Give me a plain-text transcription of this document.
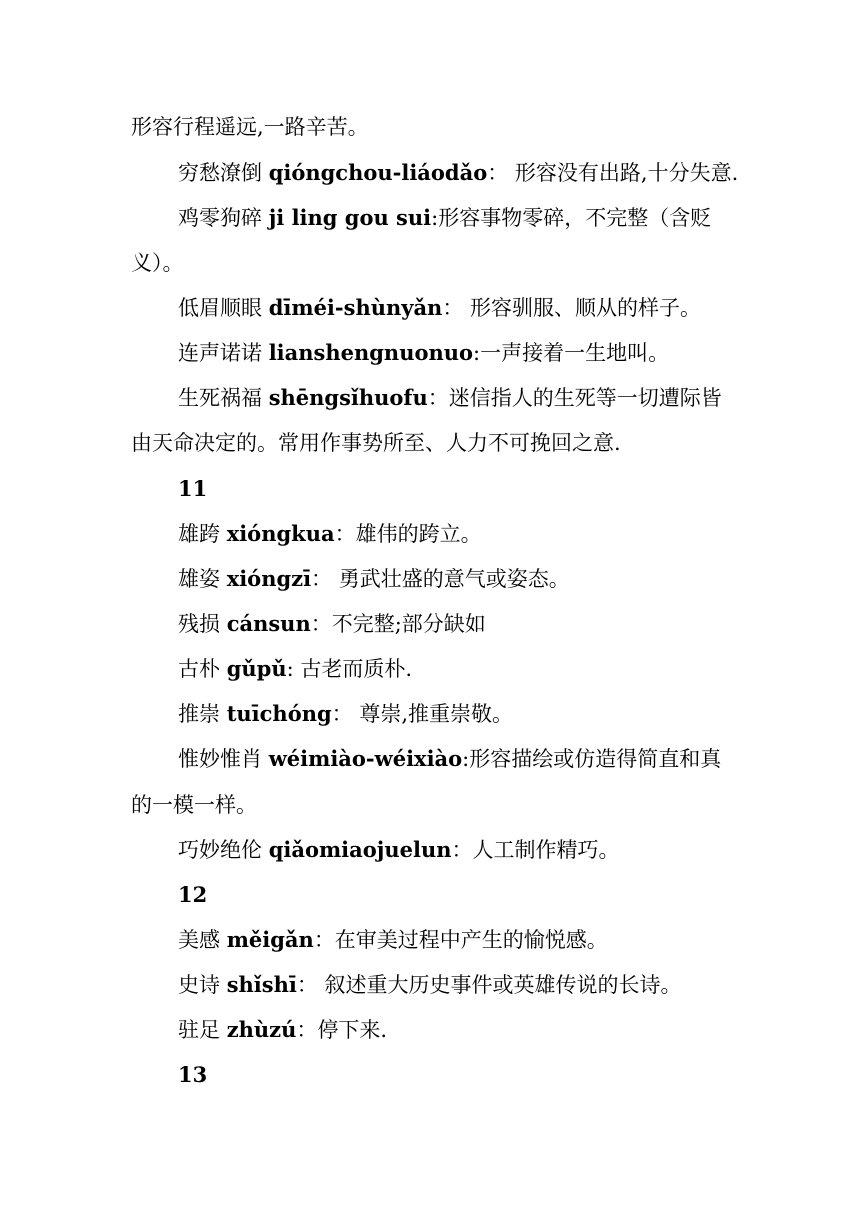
形容行程遥远,一路辛苦。
穷愁潦倒 qióngchou-liáodǎo： 形容没有出路,十分失意.
鸡零狗碎 ji ling gou sui:形容事物零碎，不完整（含贬
义）。
低眉顺眼 dīméi-shùnyǎn： 形容驯服、顺从的样子。
连声诺诺 lianshengnuonuo:一声接着一生地叫。
生死祸福 shēngsǐhuofu：迷信指人的生死等一切遭际皆
由天命决定的。常用作事势所至、人力不可挽回之意.
11
雄跨 xióngkua：雄伟的跨立。
雄姿 xióngzī： 勇武壮盛的意气或姿态。
残损 cánsun：不完整;部分缺如
古朴 gǔpǔ: 古老而质朴.
推崇 tuīchóng： 尊崇,推重崇敬。
惟妙惟肖 wéimiào-wéixiào:形容描绘或仿造得简直和真
的一模一样。
巧妙绝伦 qiǎomiaojuelun：人工制作精巧。
12
美感 měigǎn：在审美过程中产生的愉悦感。
史诗 shǐshī： 叙述重大历史事件或英雄传说的长诗。
驻足 zhùzú：停下来.
13
